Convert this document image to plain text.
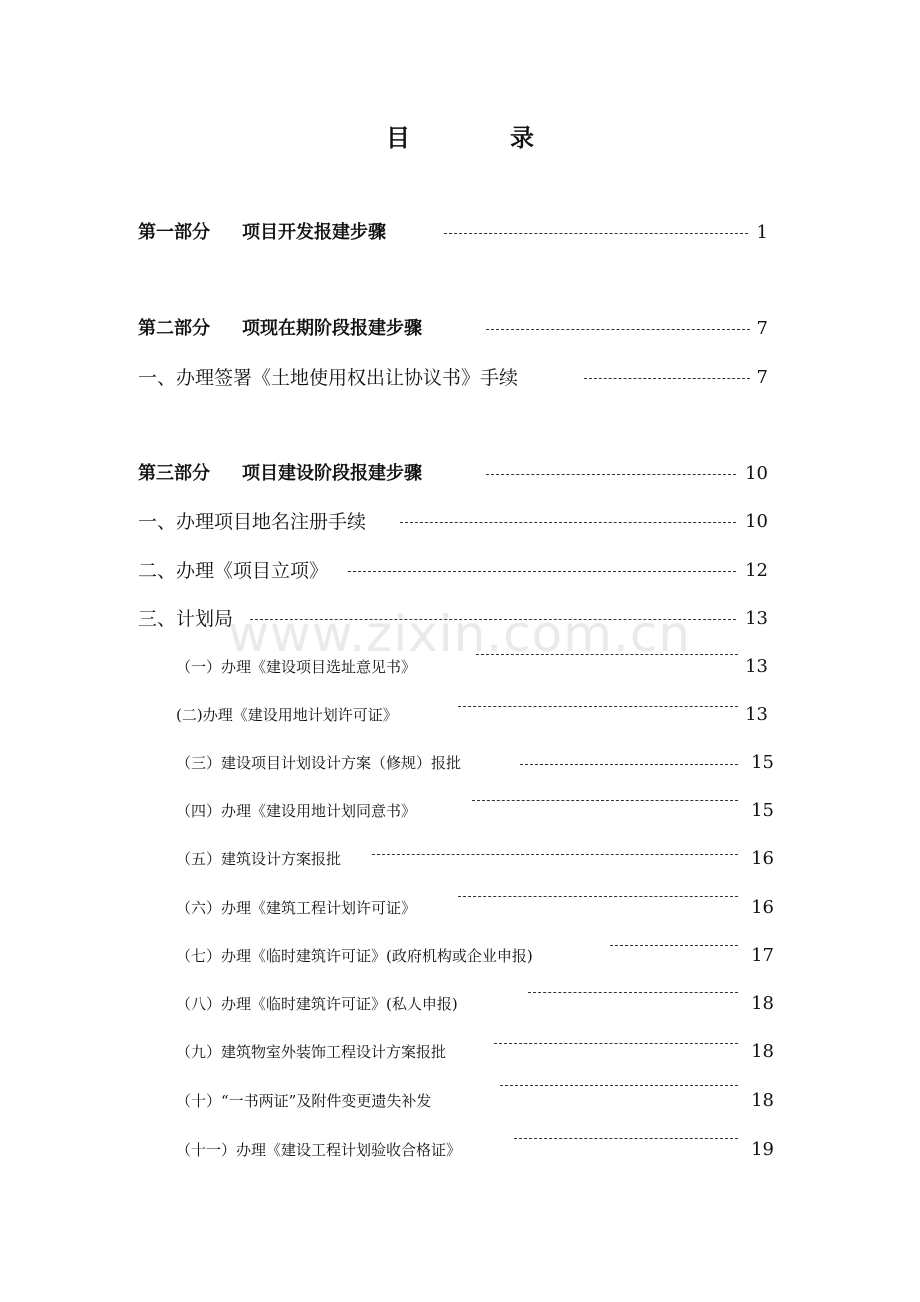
目	录
第一部分 项目开发报建步骤	1
第二部分 项现在期阶段报建步骤	7
一、办理签署《土地使用权出让协议书》手续	7
第三部分 项目建设阶段报建步骤	10
一、办理项目地名注册手续	10
二、办理《项目立项》	12
三、计划局	13
（一）办理《建设项目选址意见书》	13
(二)办理《建设用地计划许可证》	13
（三）建设项目计划设计方案（修规）报批	15
（四）办理《建设用地计划同意书》	15
（五）建筑设计方案报批	16
（六）办理《建筑工程计划许可证》	16
（七）办理《临时建筑许可证》(政府机构或企业申报)	17
（八）办理《临时建筑许可证》(私人申报)	18
（九）建筑物室外装饰工程设计方案报批	18
（十）“一书两证”及附件变更遗失补发	18
（十一）办理《建设工程计划验收合格证》	19
www.zixin.com.cn
